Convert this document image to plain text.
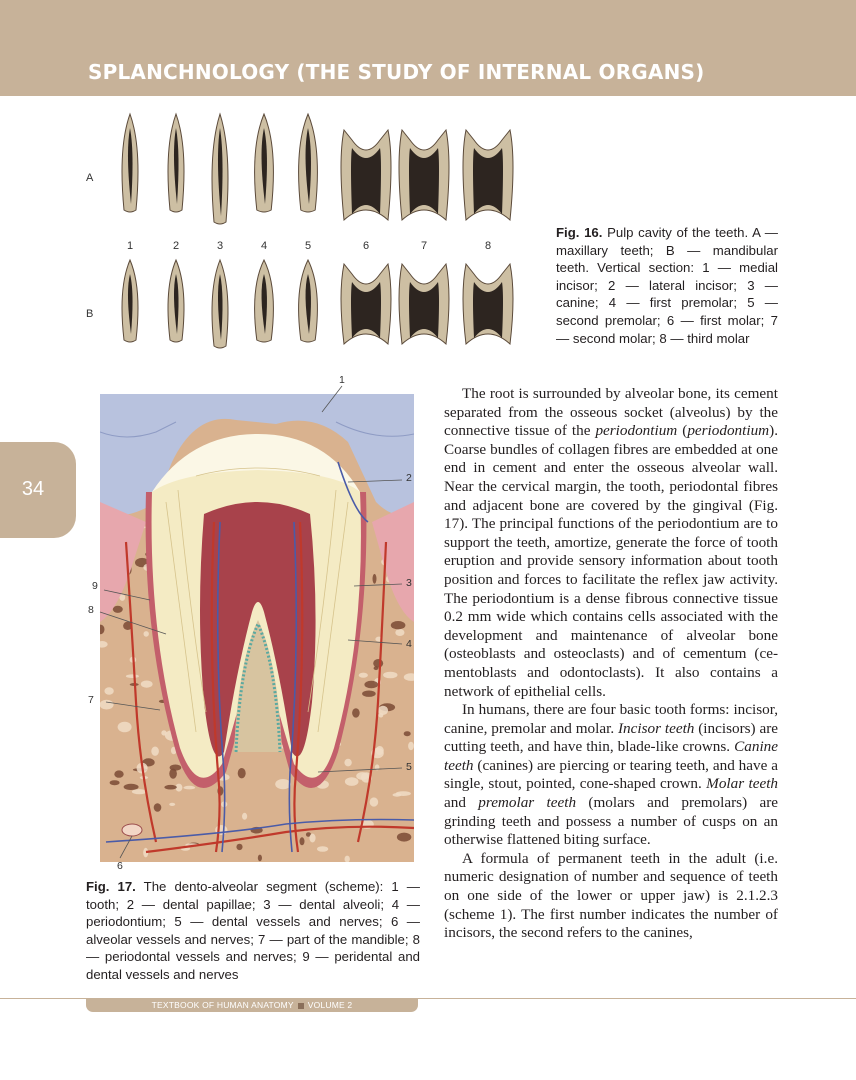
SPLANCHNOLOGY (THE STUDY OF INTERNAL ORGANS)
34
A
B
1	2	3	4	5	6	7	8
Fig. 16. Pulp cavity of the teeth. A — maxillary teeth; B — mandibular teeth. Vertical section: 1 — medial incisor; 2 — lateral incisor; 3 — canine; 4 — first premolar; 5 — second premolar; 6 — first molar; 7 — second molar; 8 — third molar
1
2
3
4
5
6
7
8
9
Fig. 17. The dento-alveolar segment (scheme): 1 — tooth; 2 — dental papillae; 3 — dental alveoli; 4 — periodontium; 5 — dental vessels and nerves; 6 — alveolar vessels and nerves; 7 — part of the mandible; 8 — periodontal vessels and nerves; 9 — peridental and dental vessels and nerves

The root is surrounded by alveolar bone, its cement separated from the osseous socket (alveolus) by the connective tissue of the periodontium (periodontium). Coarse bundles of collagen fibres are embedded at one end in cement and enter the osseous alveolar wall. Near the cervical margin, the tooth, periodontal fibres and adjacent bone are covered by the gingival (Fig. 17). The principal functions of the periodontium are to support the teeth, amortize, generate the force of tooth eruption and provide sensory information about tooth position and forces to facilitate the reflex jaw activity. The periodontium is a dense fibrous connective tissue 0.2 mm wide which contains cells associated with the development and maintenance of alveolar bone (osteoblasts and osteoclasts) and of cementum (cementoblasts and odontoclasts). It also contains a network of epithelial cells.

In humans, there are four basic tooth forms: incisor, canine, premolar and molar. Incisor teeth (incisors) are cutting teeth, and have thin, blade-like crowns. Canine teeth (canines) are piercing or tearing teeth, and have a single, stout, pointed, cone-shaped crown. Molar teeth and premolar teeth (molars and premolars) are grinding teeth and possess a number of cusps on an otherwise flattened biting surface.

A formula of permanent teeth in the adult (i.e. numeric designation of number and sequence of teeth on one side of the lower or upper jaw) is 2.1.2.3 (scheme 1). The first number indicates the number of incisors, the second refers to the canines,

TEXTBOOK OF HUMAN ANATOMY VOLUME 2
